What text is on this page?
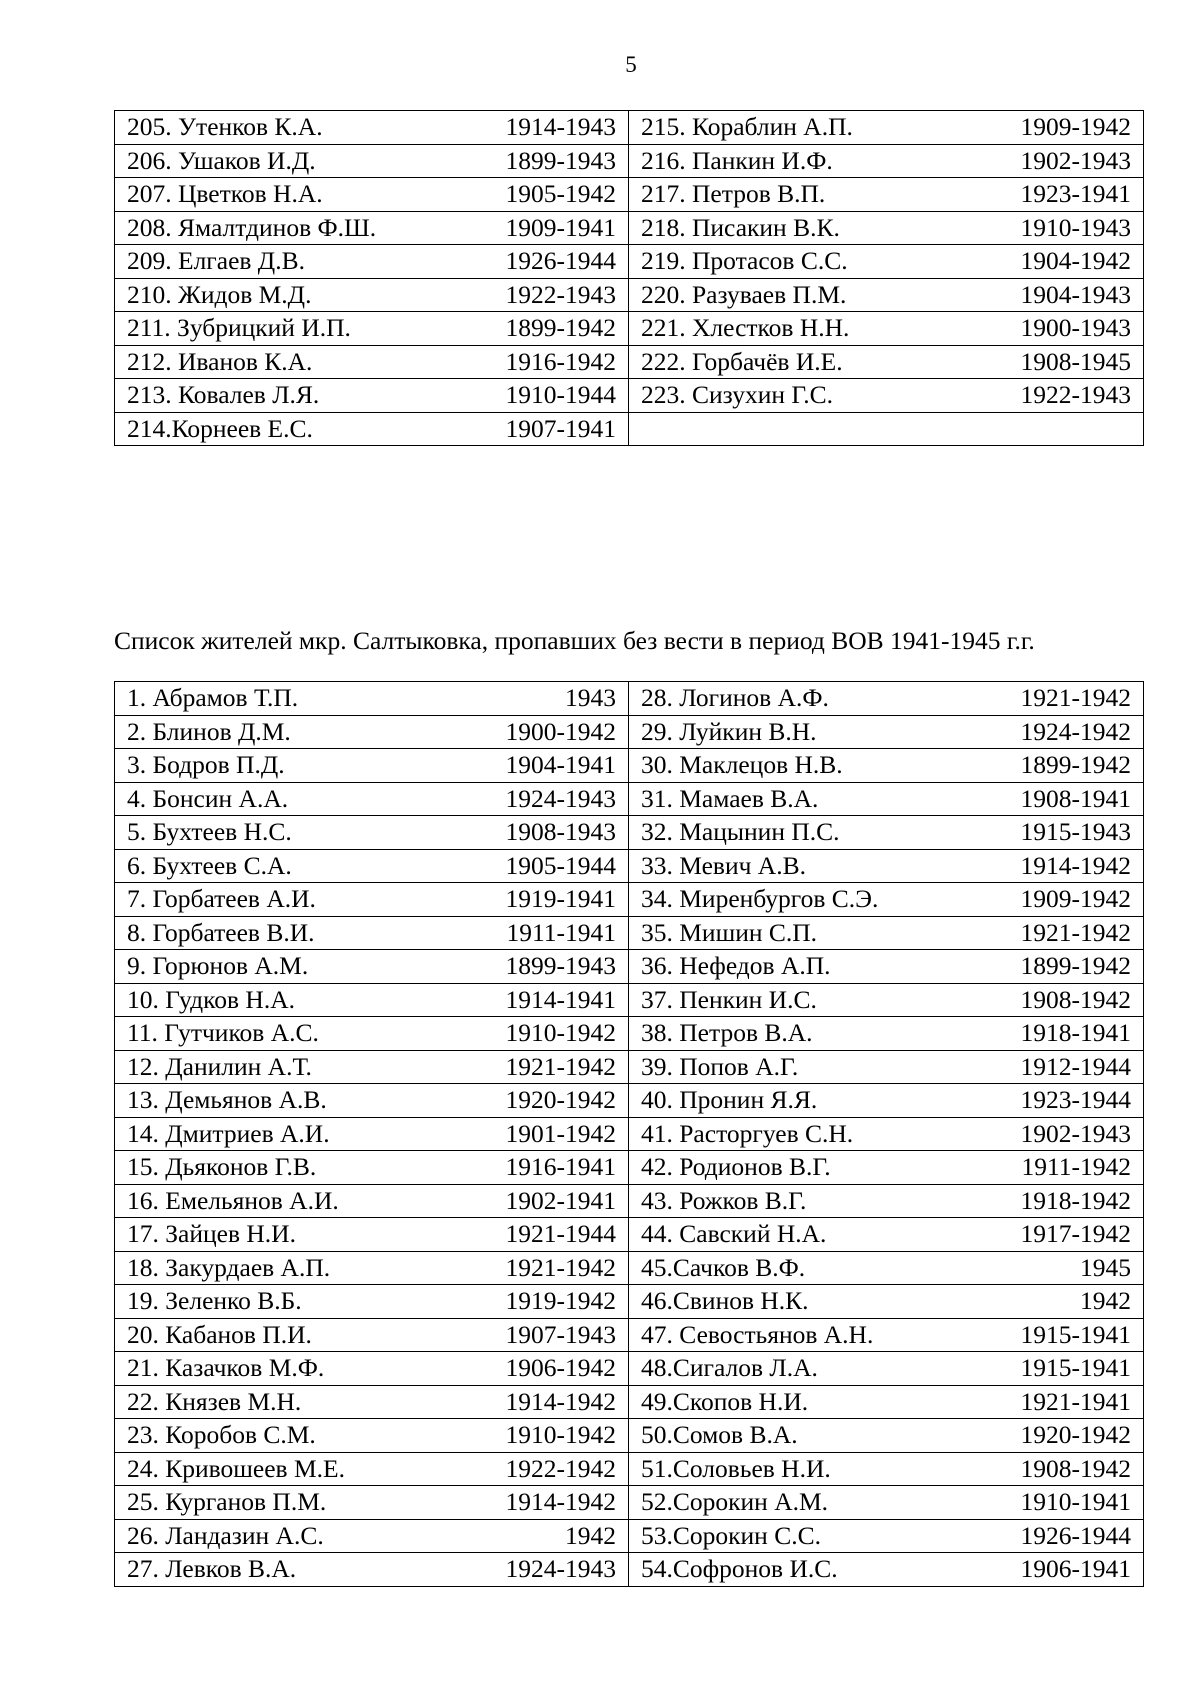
5
205. Утенков К.А. 1914-1943	215. Кораблин А.П. 1909-1942

206. Ушаков И.Д. 1899-1943	216. Панкин И.Ф. 1902-1943

207. Цветков Н.А. 1905-1942	217. Петров В.П. 1923-1941

208. Ямалтдинов Ф.Ш. 1909-1941	218. Писакин В.К. 1910-1943

209. Елгаев Д.В. 1926-1944	219. Протасов С.С. 1904-1942

210. Жидов М.Д. 1922-1943	220. Разуваев П.М. 1904-1943

211. Зубрицкий И.П. 1899-1942	221. Хлестков Н.Н. 1900-1943

212. Иванов К.А. 1916-1942	222. Горбачёв И.Е. 1908-1945

213. Ковалев Л.Я. 1910-1944	223. Сизухин Г.С. 1922-1943

214.Корнеев Е.С. 1907-1941	

Список жителей мкр. Салтыковка, пропавших без вести в период ВОВ 1941-1945 г.г.
1. Абрамов Т.П. 1943	28. Логинов А.Ф. 1921-1942

2. Блинов Д.М. 1900-1942	29. Луйкин В.Н. 1924-1942

3. Бодров П.Д. 1904-1941	30. Маклецов Н.В. 1899-1942

4. Бонсин А.А. 1924-1943	31. Мамаев В.А. 1908-1941

5. Бухтеев Н.С. 1908-1943	32. Мацынин П.С. 1915-1943

6. Бухтеев С.А. 1905-1944	33. Мевич А.В. 1914-1942

7. Горбатеев А.И. 1919-1941	34. Миренбургов С.Э. 1909-1942

8. Горбатеев В.И. 1911-1941	35. Мишин С.П. 1921-1942

9. Горюнов А.М. 1899-1943	36. Нефедов А.П. 1899-1942

10. Гудков Н.А. 1914-1941	37. Пенкин И.С. 1908-1942

11. Гутчиков А.С. 1910-1942	38. Петров В.А. 1918-1941

12. Данилин А.Т. 1921-1942	39. Попов А.Г. 1912-1944

13. Демьянов А.В. 1920-1942	40. Пронин Я.Я. 1923-1944

14. Дмитриев А.И. 1901-1942	41. Расторгуев С.Н. 1902-1943

15. Дьяконов Г.В. 1916-1941	42. Родионов В.Г. 1911-1942

16. Емельянов А.И. 1902-1941	43. Рожков В.Г. 1918-1942

17. Зайцев Н.И. 1921-1944	44. Савский Н.А. 1917-1942

18. Закурдаев А.П. 1921-1942	45.Сачков В.Ф. 1945

19. Зеленко В.Б. 1919-1942	46.Свинов Н.К. 1942

20. Кабанов П.И. 1907-1943	47. Севостьянов А.Н. 1915-1941

21. Казачков М.Ф. 1906-1942	48.Сигалов Л.А. 1915-1941

22. Князев М.Н. 1914-1942	49.Скопов Н.И. 1921-1941

23. Коробов С.М. 1910-1942	50.Сомов В.А. 1920-1942

24. Кривошеев М.Е. 1922-1942	51.Соловьев Н.И. 1908-1942

25. Курганов П.М. 1914-1942	52.Сорокин А.М. 1910-1941

26. Ландазин А.С. 1942	53.Сорокин С.С. 1926-1944

27. Левков В.А. 1924-1943	54.Софронов И.С. 1906-1941
